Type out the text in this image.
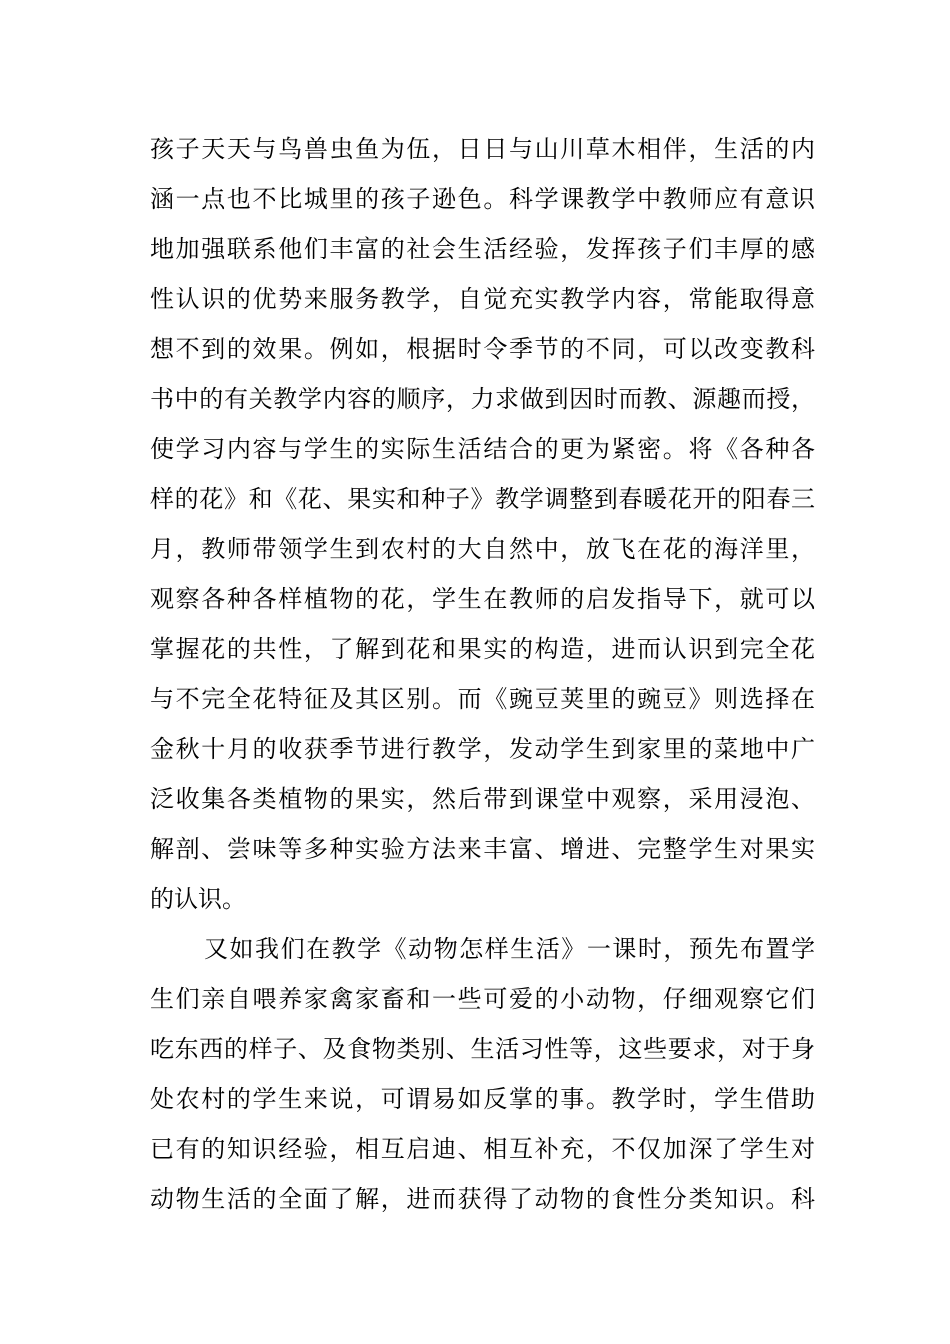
孩子天天与鸟兽虫鱼为伍，日日与山川草木相伴，生活的内
涵一点也不比城里的孩子逊色。科学课教学中教师应有意识
地加强联系他们丰富的社会生活经验，发挥孩子们丰厚的感
性认识的优势来服务教学，自觉充实教学内容，常能取得意
想不到的效果。例如，根据时令季节的不同，可以改变教科
书中的有关教学内容的顺序，力求做到因时而教、源趣而授，
使学习内容与学生的实际生活结合的更为紧密。将《各种各
样的花》和《花、果实和种子》教学调整到春暖花开的阳春三
月，教师带领学生到农村的大自然中，放飞在花的海洋里，
观察各种各样植物的花，学生在教师的启发指导下，就可以
掌握花的共性，了解到花和果实的构造，进而认识到完全花
与不完全花特征及其区别。而《豌豆荚里的豌豆》则选择在
金秋十月的收获季节进行教学，发动学生到家里的菜地中广
泛收集各类植物的果实，然后带到课堂中观察，采用浸泡、
解剖、尝味等多种实验方法来丰富、增进、完整学生对果实
的认识。
又如我们在教学《动物怎样生活》一课时，预先布置学
生们亲自喂养家禽家畜和一些可爱的小动物，仔细观察它们
吃东西的样子、及食物类别、生活习性等，这些要求，对于身
处农村的学生来说，可谓易如反掌的事。教学时，学生借助
已有的知识经验，相互启迪、相互补充，不仅加深了学生对
动物生活的全面了解，进而获得了动物的食性分类知识。科
